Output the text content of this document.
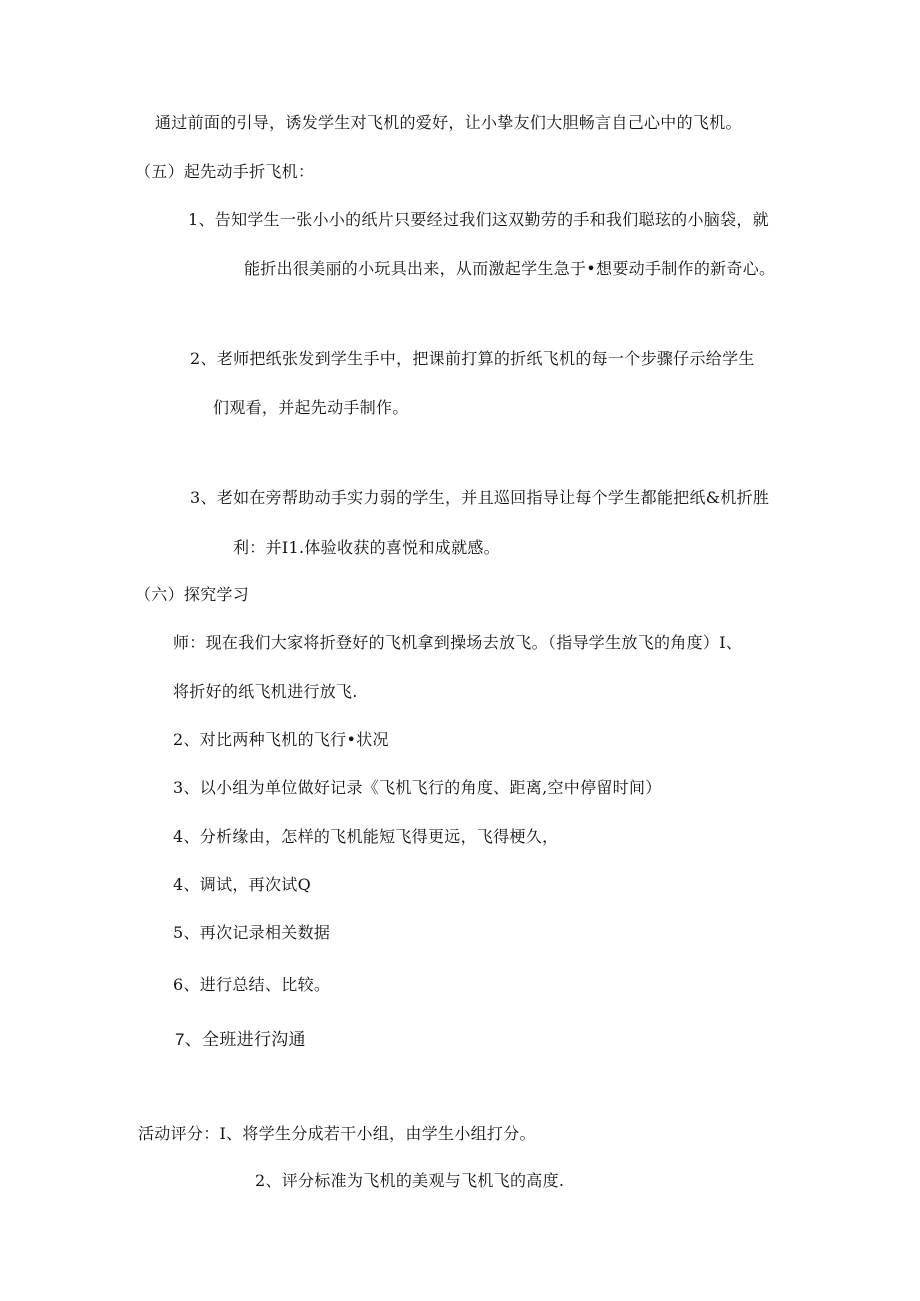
通过前面的引导，诱发学生对飞机的爱好，让小挚友们大胆畅言自己心中的飞机。
（五）起先动手折飞机：
1、告知学生一张小小的纸片只要经过我们这双勤劳的手和我们聪玹的小脑袋，就
能折出很美丽的小玩具出来，从而激起学生急于•想要动手制作的新奇心。
2、老师把纸张发到学生手中，把课前打算的折纸飞机的每一个步骤仔示给学生
们观看，并起先动手制作。
3、老如在旁帮助动手实力弱的学生，并且巡回指导让每个学生都能把纸&机折胜
利：并I1.体验收获的喜悦和成就感。
（六）探究学习
师：现在我们大家将折登好的飞机拿到操场去放飞。（指导学生放飞的角度）I、
将折好的纸飞机进行放飞.
2、对比两种飞机的飞行•状况
3、以小组为单位做好记录《飞机飞行的角度、距离,空中停留时间）
4、分析缘由，怎样的飞机能短飞得更远，飞得梗久，
4、调试，再次试Q
5、再次记录相关数据
6、进行总结、比较。
7、全班进行沟通
活动评分：I、将学生分成若干小组，由学生小组打分。
2、评分标准为飞机的美观与飞机飞的高度.
